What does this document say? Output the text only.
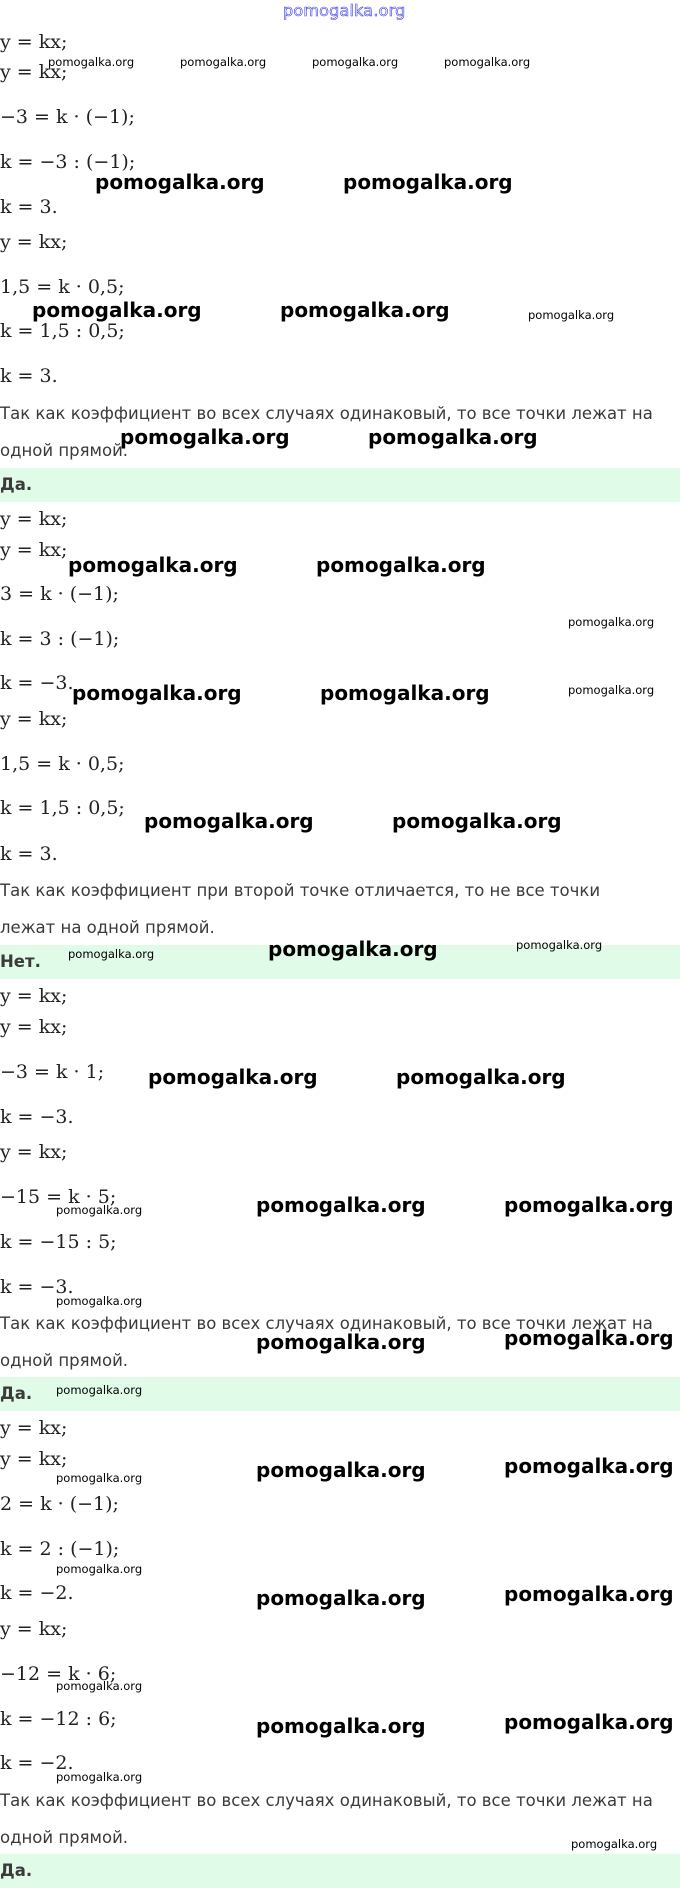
pomogalka.org
y = kx;
y = kx;
−3 = k · (−1);
k = −3 : (−1);
k = 3.
y = kx;
1,5 = k · 0,5;
k = 1,5 : 0,5;
k = 3.
Так как коэффициент во всех случаях одинаковый, то все точки лежат на одной прямой.
Да.
y = kx;
y = kx;
3 = k · (−1);
k = 3 : (−1);
k = −3.
y = kx;
1,5 = k · 0,5;
k = 1,5 : 0,5;
k = 3.
Так как коэффициент при второй точке отличается, то не все точки лежат на одной прямой.
Нет.
y = kx;
y = kx;
−3 = k · 1;
k = −3.
y = kx;
−15 = k · 5;
k = −15 : 5;
k = −3.
Так как коэффициент во всех случаях одинаковый, то все точки лежат на одной прямой.
Да.
y = kx;
y = kx;
2 = k · (−1);
k = 2 : (−1);
k = −2.
y = kx;
−12 = k · 6;
k = −12 : 6;
k = −2.
Так как коэффициент во всех случаях одинаковый, то все точки лежат на одной прямой.
Да.
pomogalka.org	pomogalka.org	pomogalka.org	pomogalka.org
pomogalka.org
pomogalka.org
pomogalka.org
pomogalka.org
pomogalka.org
pomogalka.org
pomogalka.org
pomogalka.org
pomogalka.org
pomogalka.org
pomogalka.org
pomogalka.org
pomogalka.org
pomogalka.org	pomogalka.org
pomogalka.org	pomogalka.org
pomogalka.org	pomogalka.org
pomogalka.org	pomogalka.org
pomogalka.org	pomogalka.org
pomogalka.org	pomogalka.org
pomogalka.org
pomogalka.org	pomogalka.org
pomogalka.org	pomogalka.org
pomogalka.org	pomogalka.org
pomogalka.org	pomogalka.org
pomogalka.org	pomogalka.org
pomogalka.org	pomogalka.org
